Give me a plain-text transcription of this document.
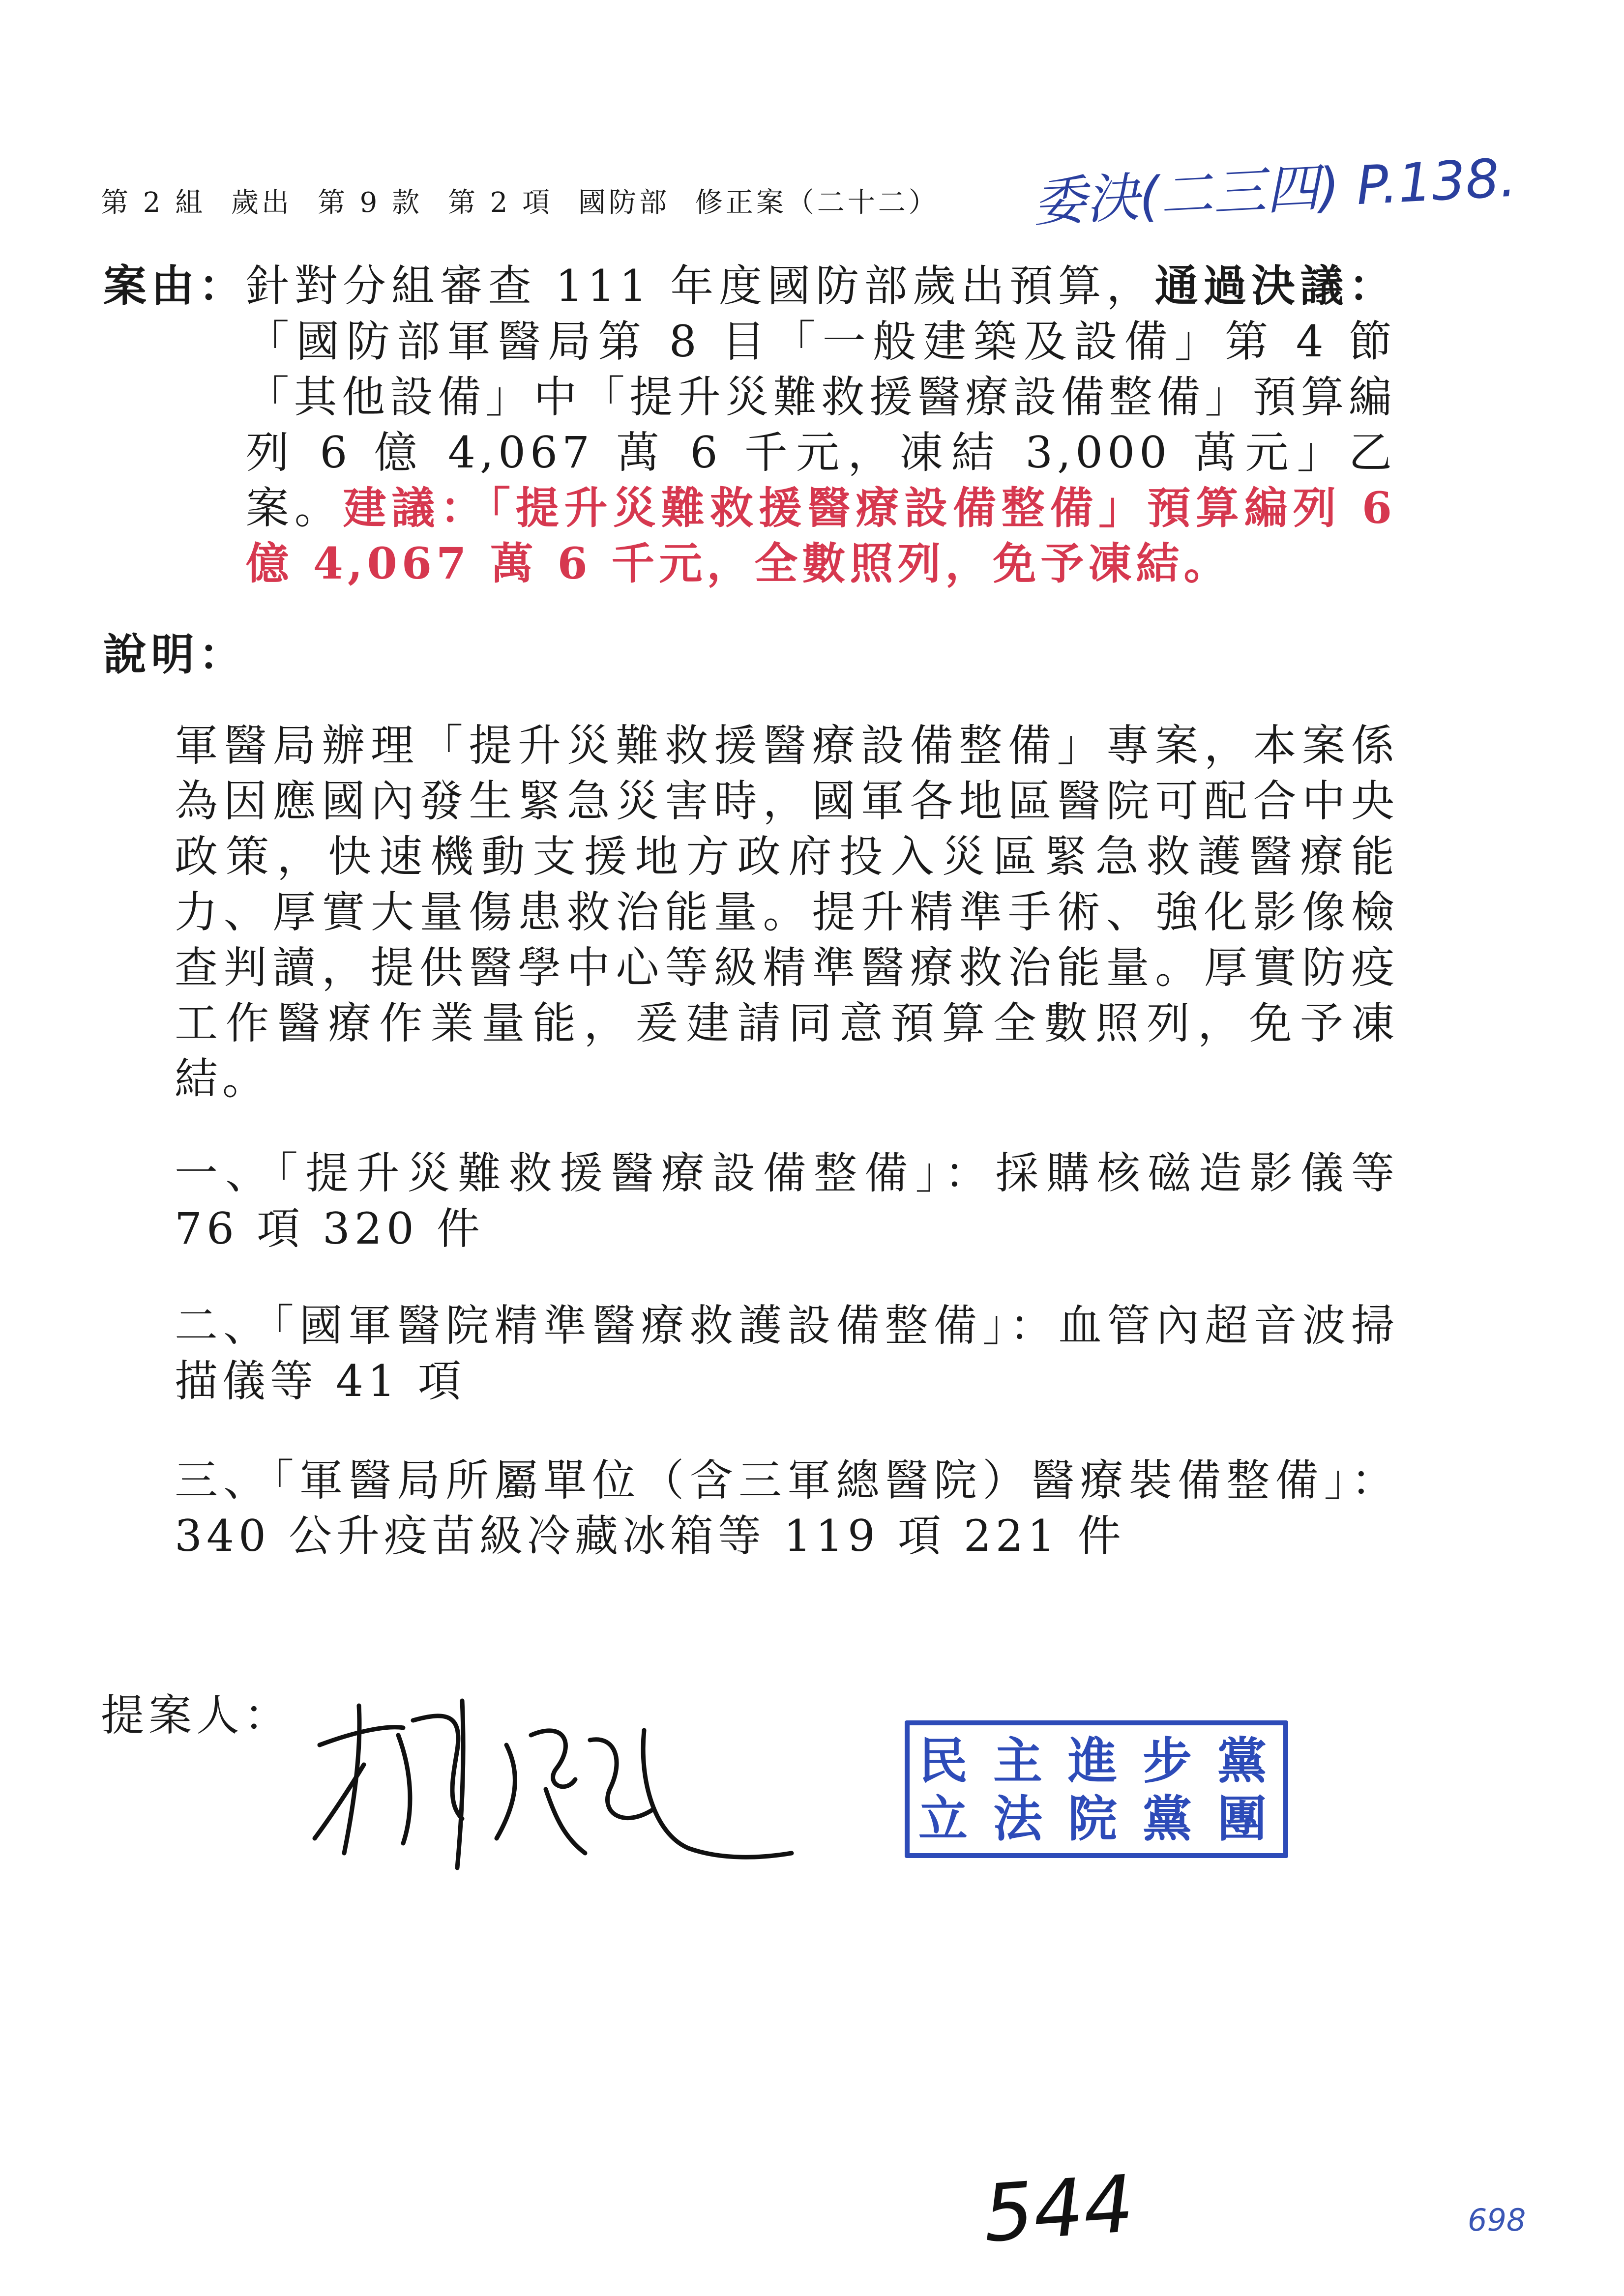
第 2 組 歲出 第 9 款 第 2 項 國防部 修正案（二十二） 委決(二三四) P.138.
案由：
針對分組審查 111 年度國防部歲出預算，通過決議：「國防部軍醫局第 8 目「一般建築及設備」第 4 節「其他設備」中「提升災難救援醫療設備整備」預算編列 6 億 4,067 萬 6 千元，凍結 3,000 萬元」乙案。建議：「提升災難救援醫療設備整備」預算編列 6 億 4,067 萬 6 千元，全數照列，免予凍結。
說明：
軍醫局辦理「提升災難救援醫療設備整備」專案，本案係為因應國內發生緊急災害時，國軍各地區醫院可配合中央政策，快速機動支援地方政府投入災區緊急救護醫療能力、厚實大量傷患救治能量。提升精準手術、強化影像檢查判讀，提供醫學中心等級精準醫療救治能量。厚實防疫工作醫療作業量能，爰建請同意預算全數照列，免予凍結。
一、「提升災難救援醫療設備整備」：採購核磁造影儀等 76 項 320 件
二、「國軍醫院精準醫療救護設備整備」：血管內超音波掃描儀等 41 項
三、「軍醫局所屬單位（含三軍總醫院）醫療裝備整備」：340 公升疫苗級冷藏冰箱等 119 項 221 件
提案人：
民主進步黨
立法院黨團
544	698
